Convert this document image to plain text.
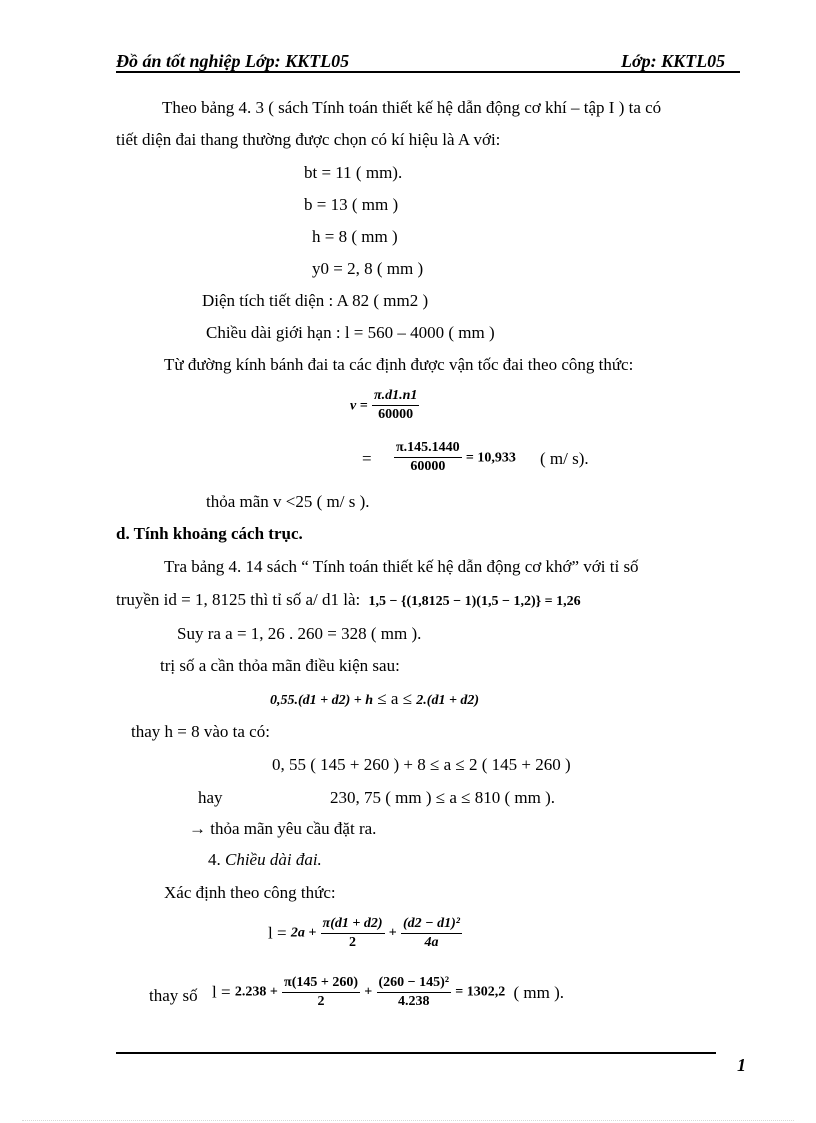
Đồ án tốt nghiệp Lớp: KKTL05	Lớp: KKTL05
Theo bảng 4. 3 ( sách Tính toán thiết kế hệ dẫn động cơ khí – tập I ) ta có
tiết diện đai thang thường được chọn có kí hiệu là A với:
bt = 11 ( mm).
b = 13 ( mm )
h = 8 ( mm )
y0 = 2, 8 ( mm )
Diện tích tiết diện : A 82 ( mm2 )
Chiều dài giới hạn : l = 560 – 4000 ( mm )
Từ đường kính bánh đai ta các định được vận tốc đai theo công thức:
$v = \frac{\pi.d1.n1}{60000}$
= $\frac{\pi.145.1440}{60000} = 10,933$ ( m/ s).
thỏa mãn v <25 ( m/ s ).
d. Tính khoảng cách trục.
Tra bảng 4. 14 sách “ Tính toán thiết kế hệ dẫn động cơ khớ” với tỉ số
truyền id = 1, 8125 thì tỉ số a/ d1 là: 1,5 − {(1,8125 − 1)(1,5 − 1,2)} = 1,26
Suy ra a = 1, 26 . 260 = 328 ( mm ).
trị số a cần thỏa mãn điều kiện sau:
0,55.(d1 + d2) + h ≤ a ≤ 2.(d1 + d2)
thay h = 8 vào ta có:
0, 55 ( 145 + 260 ) + 8 ≤ a ≤ 2 ( 145 + 260 )
hay	230, 75 ( mm ) ≤ a ≤ 810 ( mm ).
→ thỏa mãn yêu cầu đặt ra.
4. Chiều dài đai.
Xác định theo công thức:
$l = 2a + \frac{\pi(d1 + d2)}{2} + \frac{\text{(d2 − d1)²}}{4a}$
thay số $l = 2.238 + \frac{\pi(145 + 260)}{2} + \frac{\text{(260 − 145)²}}{4.238} = 1302,2$ ( mm ).
1
